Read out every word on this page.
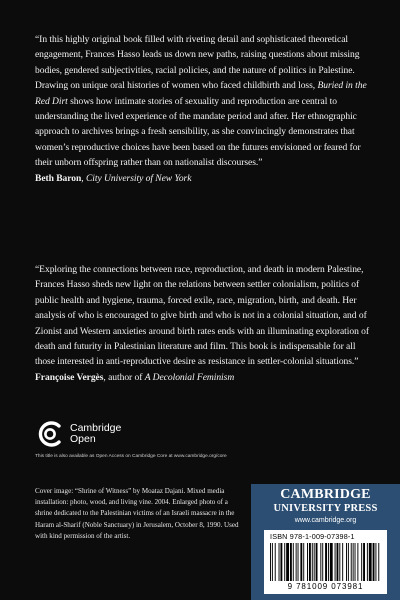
“In this highly original book filled with riveting detail and sophisticated theoretical engagement, Frances Hasso leads us down new paths, raising questions about missing bodies, gendered subjectivities, racial policies, and the nature of politics in Palestine. Drawing on unique oral histories of women who faced childbirth and loss, Buried in the Red Dirt shows how intimate stories of sexuality and reproduction are central to understanding the lived experience of the mandate period and after. Her ethnographic approach to archives brings a fresh sensibility, as she convincingly demonstrates that women’s reproductive choices have been based on the futures envisioned or feared for their unborn offspring rather than on nationalist discourses.”

Beth Baron, City University of New York

“Exploring the connections between race, reproduction, and death in modern Palestine, Frances Hasso sheds new light on the relations between settler colonialism, politics of public health and hygiene, trauma, forced exile, race, migration, birth, and death. Her analysis of who is encouraged to give birth and who is not in a colonial situation, and of Zionist and Western anxieties around birth rates ends with an illuminating exploration of death and futurity in Palestinian literature and film. This book is indispensable for all those interested in anti-reproductive desire as resistance in settler-colonial situations.”

Françoise Vergès, author of A Decolonial Feminism

Cambridge
Open
This title is also available as Open Access on Cambridge Core at www.cambridge.org/core
Cover image: “Shrine of Witness” by Moataz Dajani. Mixed media installation: photo, wood, and living vine. 2004. Enlarged photo of a shrine dedicated to the Palestinian victims of an Israeli massacre in the Haram al-Sharif (Noble Sanctuary) in Jerusalem, October 8, 1990. Used with kind permission of the artist.
CAMBRIDGE
UNIVERSITY PRESS
www.cambridge.org
ISBN 978-1-009-07398-1
9 781009 073981
